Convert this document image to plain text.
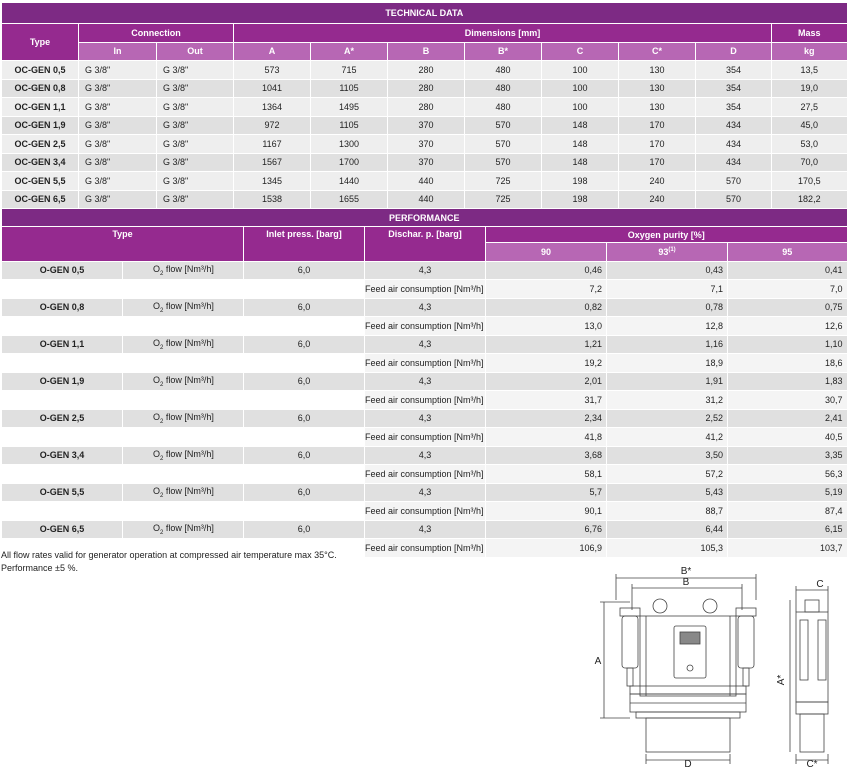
TECHNICAL DATA										
Type	Connection		Dimensions [mm]							Mass
	In	Out	A	A*	B	B*	C	C*	D	kg
OC-GEN 0,5	G 3/8"	G 3/8"	573	715	280	480	100	130	354	13,5
OC-GEN 0,8	G 3/8"	G 3/8"	1041	1105	280	480	100	130	354	19,0
OC-GEN 1,1	G 3/8"	G 3/8"	1364	1495	280	480	100	130	354	27,5
OC-GEN 1,9	G 3/8"	G 3/8"	972	1105	370	570	148	170	434	45,0
OC-GEN 2,5	G 3/8"	G 3/8"	1167	1300	370	570	148	170	434	53,0
OC-GEN 3,4	G 3/8"	G 3/8"	1567	1700	370	570	148	170	434	70,0
OC-GEN 5,5	G 3/8"	G 3/8"	1345	1440	440	725	198	240	570	170,5
OC-GEN 6,5	G 3/8"	G 3/8"	1538	1655	440	725	198	240	570	182,2
PERFORMANCE						
Type		Inlet press. [barg]	Dischar. p. [barg]	Oxygen purity [%]		
				90	93$^{(1)}$	95
O-GEN 0,5	$O_2$ flow [Nm³/h]	6,0	4,3	0,46	0,43	0,41
			Feed air consumption [Nm³/h]	7,2	7,1	7,0
O-GEN 0,8	$O_2$ flow [Nm³/h]	6,0	4,3	0,82	0,78	0,75
			Feed air consumption [Nm³/h]	13,0	12,8	12,6
O-GEN 1,1	$O_2$ flow [Nm³/h]	6,0	4,3	1,21	1,16	1,10
			Feed air consumption [Nm³/h]	19,2	18,9	18,6
O-GEN 1,9	$O_2$ flow [Nm³/h]	6,0	4,3	2,01	1,91	1,83
			Feed air consumption [Nm³/h]	31,7	31,2	30,7
O-GEN 2,5	$O_2$ flow [Nm³/h]	6,0	4,3	2,34	2,52	2,41
			Feed air consumption [Nm³/h]	41,8	41,2	40,5
O-GEN 3,4	$O_2$ flow [Nm³/h]	6,0	4,3	3,68	3,50	3,35
			Feed air consumption [Nm³/h]	58,1	57,2	56,3
O-GEN 5,5	$O_2$ flow [Nm³/h]	6,0	4,3	5,7	5,43	5,19
			Feed air consumption [Nm³/h]	90,1	88,7	87,4
O-GEN 6,5	$O_2$ flow [Nm³/h]	6,0	4,3	6,76	6,44	6,15
			Feed air consumption [Nm³/h]	106,9	105,3	103,7
All flow rates valid for generator operation at compressed air temperature max 35°C.
Performance ±5 %.	B*
B
A
D
C
A*
C*
